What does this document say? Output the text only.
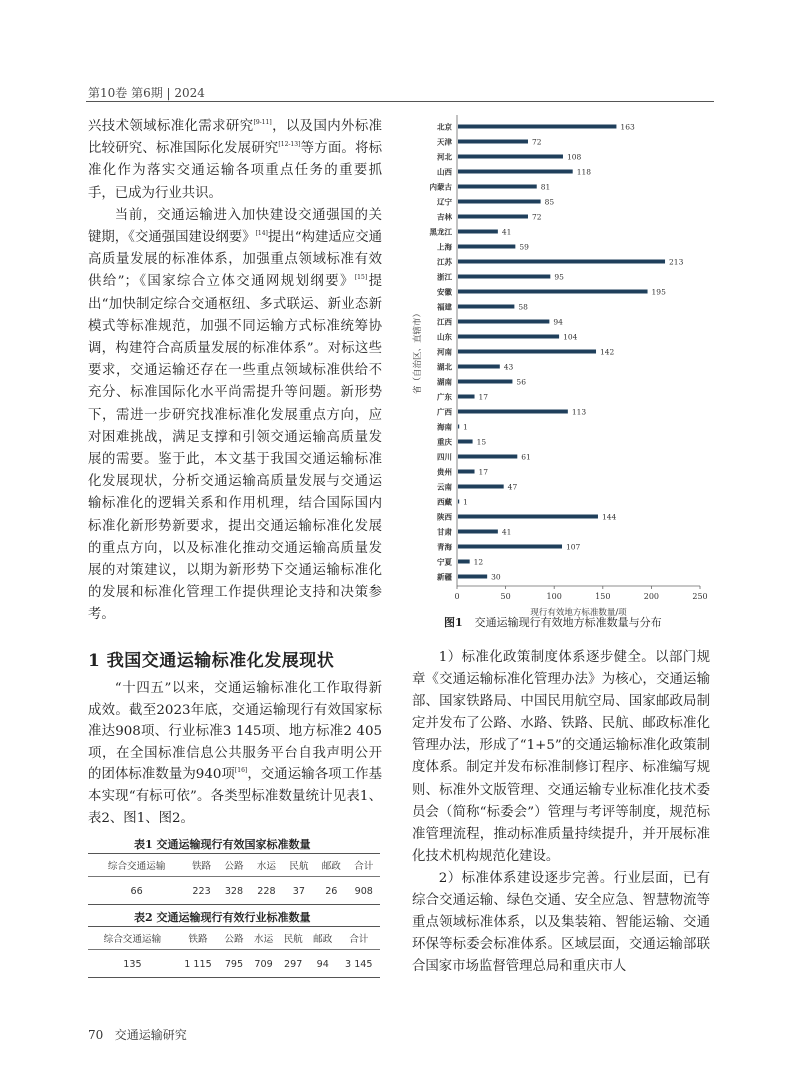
第10卷 第6期 | 2024

兴技术领域标准化需求研究[9-11]，以及国内外标准比较研究、标准国际化发展研究[12-13]等方面。将标准化作为落实交通运输各项重点任务的重要抓手，已成为行业共识。

当前，交通运输进入加快建设交通强国的关键期，《交通强国建设纲要》[14]提出“构建适应交通高质量发展的标准体系，加强重点领域标准有效供给”；《国家综合立体交通网规划纲要》[15]提出“加快制定综合交通枢纽、多式联运、新业态新模式等标准规范，加强不同运输方式标准统筹协调，构建符合高质量发展的标准体系”。对标这些要求，交通运输还存在一些重点领域标准供给不充分、标准国际化水平尚需提升等问题。新形势下，需进一步研究找准标准化发展重点方向，应对困难挑战，满足支撑和引领交通运输高质量发展的需要。鉴于此，本文基于我国交通运输标准化发展现状，分析交通运输高质量发展与交通运输标准化的逻辑关系和作用机理，结合国际国内标准化新形势新要求，提出交通运输标准化发展的重点方向，以及标准化推动交通运输高质量发展的对策建议，以期为新形势下交通运输标准化的发展和标准化管理工作提供理论支持和决策参考。

1 我国交通运输标准化发展现状
“十四五”以来，交通运输标准化工作取得新成效。截至2023年底，交通运输现行有效国家标准达908项、行业标准3 145项、地方标准2 405项，在全国标准信息公共服务平台自我声明公开的团体标准数量为940项[16]，交通运输各项工作基本实现“有标可依”。各类型标准数量统计见表1、表2、图1、图2。
表1 交通运输现行有效国家标准数量
综合交通运输	铁路	公路	水运	民航	邮政	合计
66	223	328	228	37	26	908
表2 交通运输现行有效行业标准数量
综合交通运输	铁路	公路	水运	民航	邮政	合计
135	1 115	795	709	297	94	3 145
北京	163
天津	72
河北	108
山西	118
内蒙古	81
辽宁	85
吉林	72
黑龙江	41
上海	59
江苏	213
浙江	95
安徽	195
福建	58
江西	94
山东	104
河南	142
湖北	43
湖南	56
广东	17
广西	113
海南 1
重庆	15
四川	61
贵州	17
云南	47
西藏 1
陕西	144
甘肃	41
青海	107
宁夏	12
新疆	30
0	50	100	150	200	250
现行有效地方标准数量/项
省（自治区、直辖市）
图1 交通运输现行有效地方标准数量与分布

1）标准化政策制度体系逐步健全。以部门规章《交通运输标准化管理办法》为核心，交通运输部、国家铁路局、中国民用航空局、国家邮政局制定并发布了公路、水路、铁路、民航、邮政标准化管理办法，形成了“1+5”的交通运输标准化政策制度体系。制定并发布标准制修订程序、标准编写规则、标准外文版管理、交通运输专业标准化技术委员会（简称“标委会”）管理与考评等制度，规范标准管理流程，推动标准质量持续提升，并开展标准化技术机构规范化建设。

2）标准体系建设逐步完善。行业层面，已有综合交通运输、绿色交通、安全应急、智慧物流等重点领域标准体系，以及集装箱、智能运输、交通环保等标委会标准体系。区域层面，交通运输部联合国家市场监督管理总局和重庆市人

70 交通运输研究
